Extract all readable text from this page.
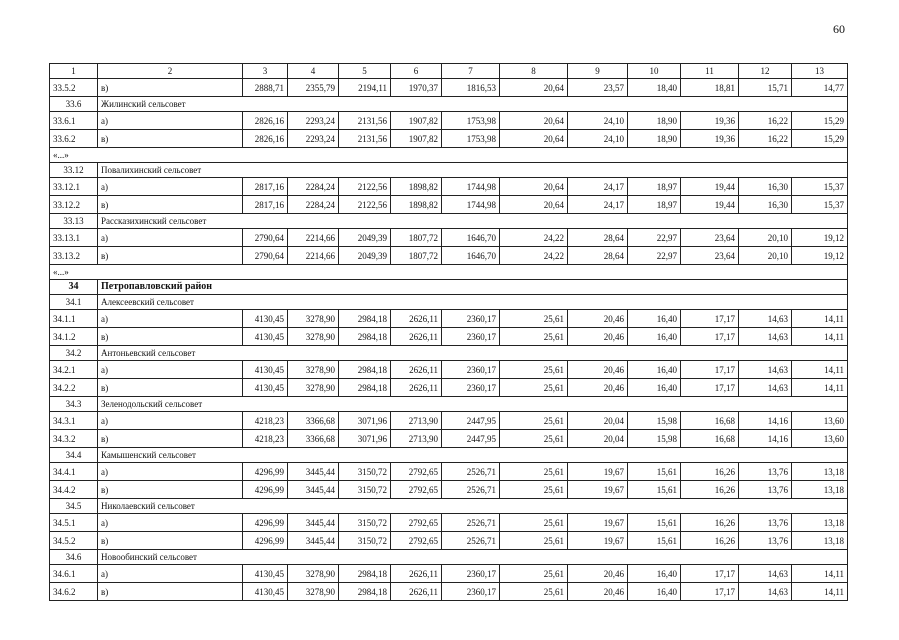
60
1	2	3	4	5	6	7	8	9	10	11	12	13
33.5.2	в)	2888,71	2355,79	2194,11	1970,37	1816,53	20,64	23,57	18,40	18,81	15,71	14,77
33.6	Жилинский сельсовет											
33.6.1	а)	2826,16	2293,24	2131,56	1907,82	1753,98	20,64	24,10	18,90	19,36	16,22	15,29
33.6.2	в)	2826,16	2293,24	2131,56	1907,82	1753,98	20,64	24,10	18,90	19,36	16,22	15,29
«...»												
33.12	Повалихинский сельсовет											
33.12.1	а)	2817,16	2284,24	2122,56	1898,82	1744,98	20,64	24,17	18,97	19,44	16,30	15,37
33.12.2	в)	2817,16	2284,24	2122,56	1898,82	1744,98	20,64	24,17	18,97	19,44	16,30	15,37
33.13	Рассказихинский сельсовет											
33.13.1	а)	2790,64	2214,66	2049,39	1807,72	1646,70	24,22	28,64	22,97	23,64	20,10	19,12
33.13.2	в)	2790,64	2214,66	2049,39	1807,72	1646,70	24,22	28,64	22,97	23,64	20,10	19,12
«...»												
34	Петропавловский район											
34.1	Алексеевский сельсовет											
34.1.1	а)	4130,45	3278,90	2984,18	2626,11	2360,17	25,61	20,46	16,40	17,17	14,63	14,11
34.1.2	в)	4130,45	3278,90	2984,18	2626,11	2360,17	25,61	20,46	16,40	17,17	14,63	14,11
34.2	Антоньевский сельсовет											
34.2.1	а)	4130,45	3278,90	2984,18	2626,11	2360,17	25,61	20,46	16,40	17,17	14,63	14,11
34.2.2	в)	4130,45	3278,90	2984,18	2626,11	2360,17	25,61	20,46	16,40	17,17	14,63	14,11
34.3	Зеленодольский сельсовет											
34.3.1	а)	4218,23	3366,68	3071,96	2713,90	2447,95	25,61	20,04	15,98	16,68	14,16	13,60
34.3.2	в)	4218,23	3366,68	3071,96	2713,90	2447,95	25,61	20,04	15,98	16,68	14,16	13,60
34.4	Камышенский сельсовет											
34.4.1	а)	4296,99	3445,44	3150,72	2792,65	2526,71	25,61	19,67	15,61	16,26	13,76	13,18
34.4.2	в)	4296,99	3445,44	3150,72	2792,65	2526,71	25,61	19,67	15,61	16,26	13,76	13,18
34.5	Николаевский сельсовет											
34.5.1	а)	4296,99	3445,44	3150,72	2792,65	2526,71	25,61	19,67	15,61	16,26	13,76	13,18
34.5.2	в)	4296,99	3445,44	3150,72	2792,65	2526,71	25,61	19,67	15,61	16,26	13,76	13,18
34.6	Новообинский сельсовет											
34.6.1	а)	4130,45	3278,90	2984,18	2626,11	2360,17	25,61	20,46	16,40	17,17	14,63	14,11
34.6.2	в)	4130,45	3278,90	2984,18	2626,11	2360,17	25,61	20,46	16,40	17,17	14,63	14,11
